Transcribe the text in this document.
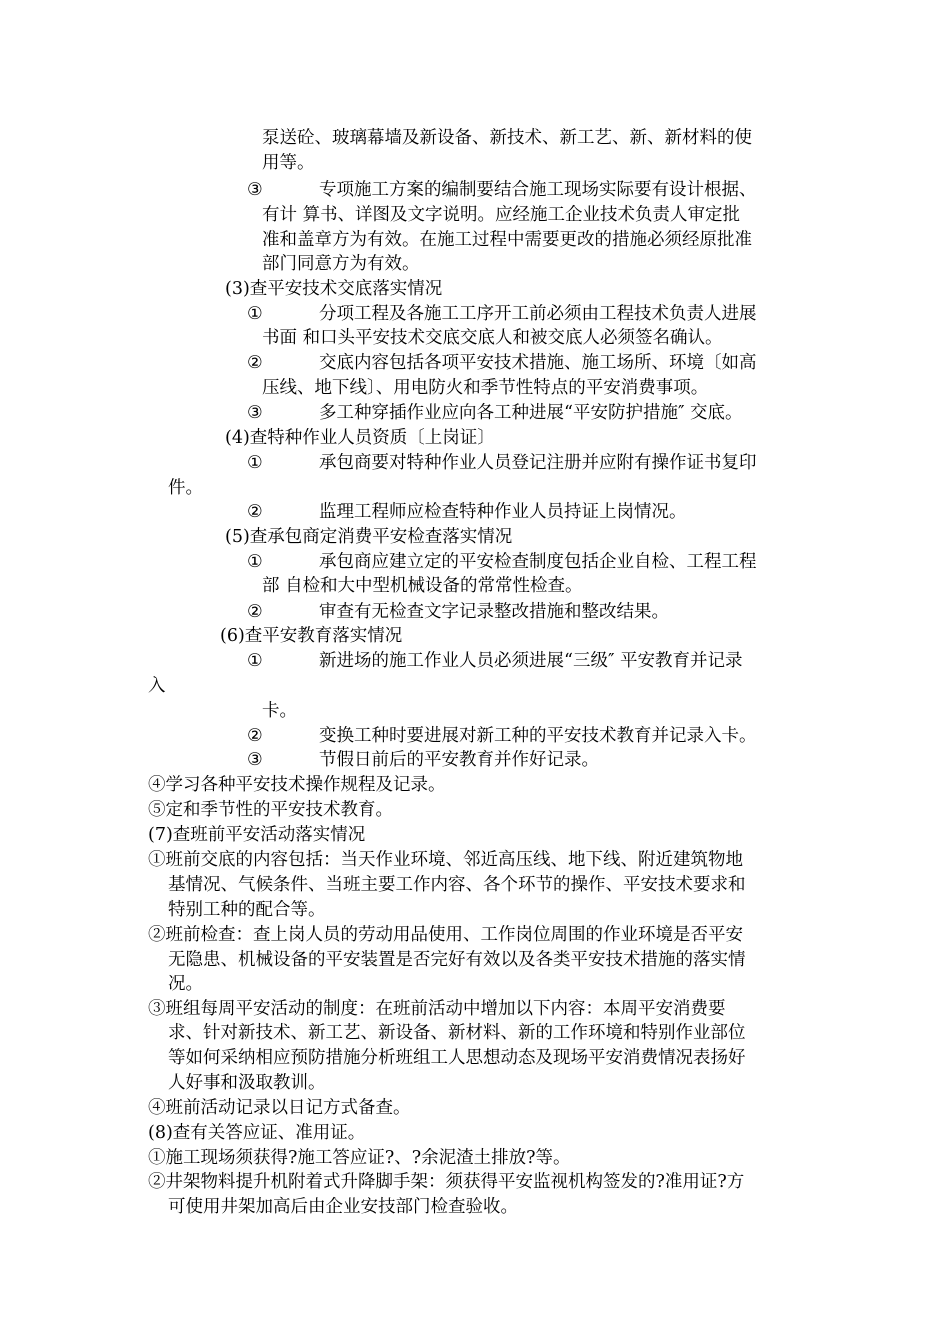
泵送砼、玻璃幕墙及新设备、新技术、新工艺、新、新材料的使
用等。
③	专项施工方案的编制要结合施工现场实际要有设计根据、
有计 算书、详图及文字说明。应经施工企业技术负责人审定批
准和盖章方为有效。在施工过程中需要更改的措施必须经原批准
部门同意方为有效。
(3)查平安技术交底落实情况
①	分项工程及各施工工序开工前必须由工程技术负责人进展
书面 和口头平安技术交底交底人和被交底人必须签名确认。
②	交底内容包括各项平安技术措施、施工场所、环境〔如高
压线、地下线〕、用电防火和季节性特点的平安消费事项。
③	多工种穿插作业应向各工种进展“平安防护措施″ 交底。
(4)查特种作业人员资质〔上岗证〕
①	承包商要对特种作业人员登记注册并应附有操作证书复印
件。
②	监理工程师应检查特种作业人员持证上岗情况。
(5)查承包商定消费平安检查落实情况
①	承包商应建立定的平安检查制度包括企业自检、工程工程
部 自检和大中型机械设备的常常性检查。
②	审查有无检查文字记录整改措施和整改结果。
(6)查平安教育落实情况
①	新进场的施工作业人员必须进展“三级″ 平安教育并记录
入
卡。
②	变换工种时要进展对新工种的平安技术教育并记录入卡。
③	节假日前后的平安教育并作好记录。
④学习各种平安技术操作规程及记录。
⑤定和季节性的平安技术教育。
(7)查班前平安活动落实情况
①班前交底的内容包括：当天作业环境、邻近高压线、地下线、附近建筑物地
基情况、气候条件、当班主要工作内容、各个环节的操作、平安技术要求和
特别工种的配合等。
②班前检查：查上岗人员的劳动用品使用、工作岗位周围的作业环境是否平安
无隐患、机械设备的平安装置是否完好有效以及各类平安技术措施的落实情
况。
③班组每周平安活动的制度：在班前活动中增加以下内容：本周平安消费要
求、针对新技术、新工艺、新设备、新材料、新的工作环境和特别作业部位
等如何采纳相应预防措施分析班组工人思想动态及现场平安消费情况表扬好
人好事和汲取教训。
④班前活动记录以日记方式备查。
(8)查有关答应证、准用证。
①施工现场须获得?施工答应证?、?余泥渣土排放?等。
②井架物料提升机附着式升降脚手架：须获得平安监视机构签发的?准用证?方
可使用井架加高后由企业安技部门检查验收。
